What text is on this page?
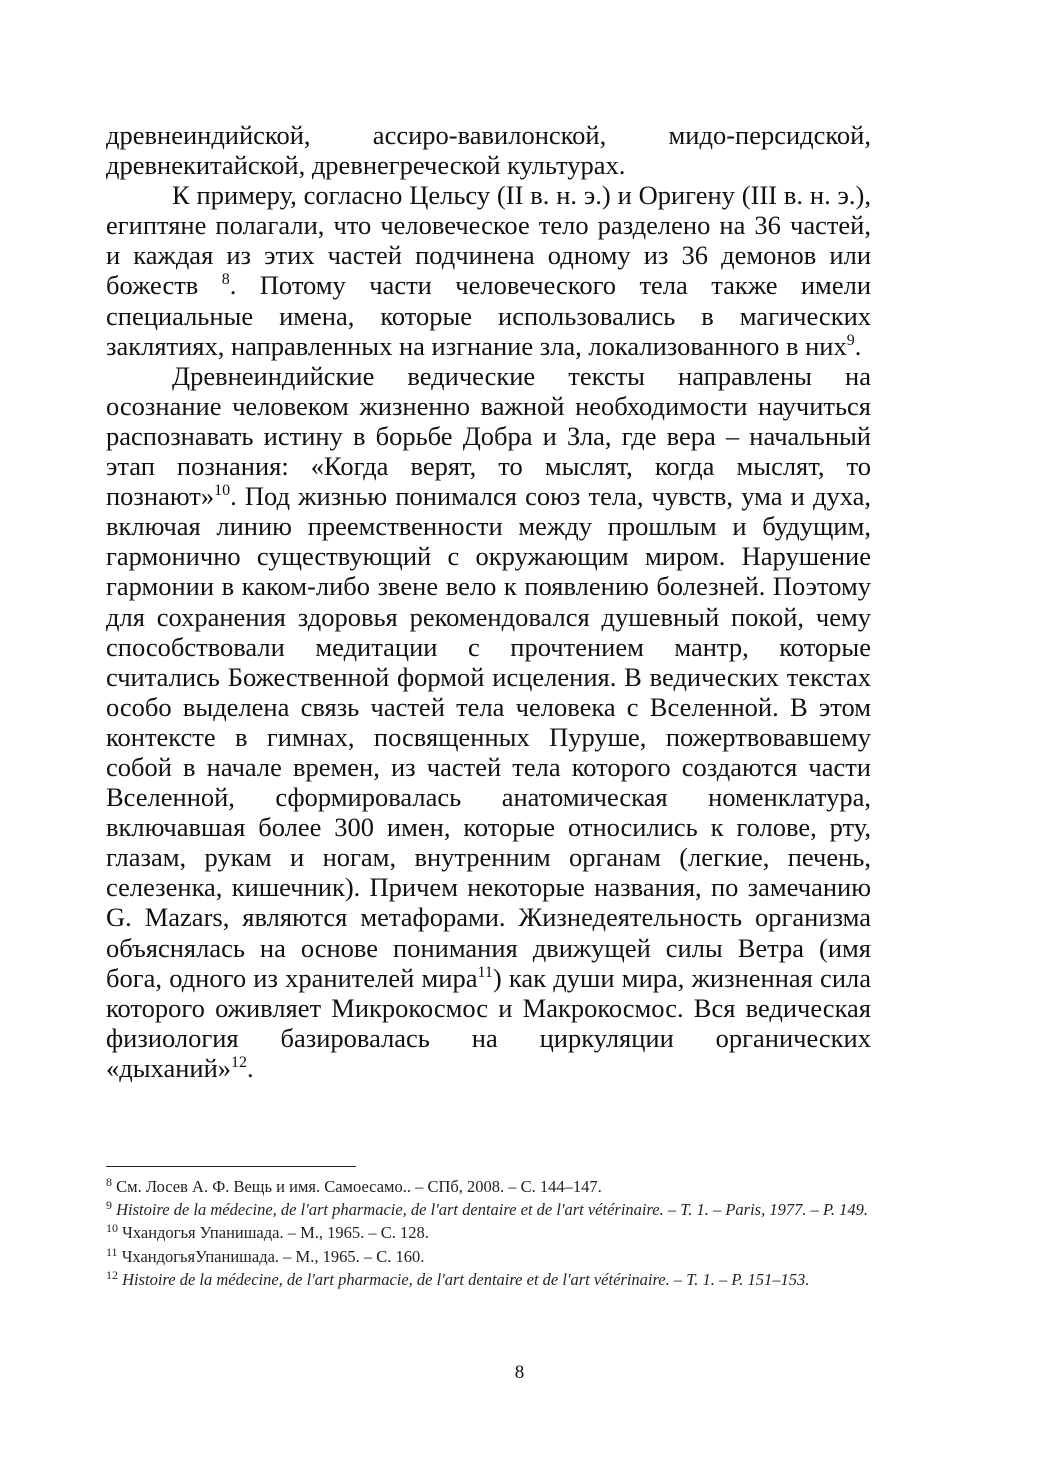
древнеиндийской, ассиро-вавилонской, мидо-персидской, древнекитайской, древнегреческой культурах.

К примеру, согласно Цельсу (II в. н. э.) и Оригену (III в. н. э.), египтяне полагали, что человеческое тело разделено на 36 частей, и каждая из этих частей подчинена одному из 36 демонов или божеств $^8$. Потому части человеческого тела также имели специальные имена, которые использовались в магических заклятиях, направленных на изгнание зла, локализованного в них$^9$.

Древнеиндийские ведические тексты направлены на осознание человеком жизненно важной необходимости научиться распознавать истину в борьбе Добра и Зла, где вера – начальный этап познания: «Когда верят, то мыслят, когда мыслят, то познают»$^{10}$. Под жизнью понимался союз тела, чувств, ума и духа, включая линию преемственности между прошлым и будущим, гармонично существующий с окружающим миром. Нарушение гармонии в каком-либо звене вело к появлению болезней. Поэтому для сохранения здоровья рекомендовался душевный покой, чему способствовали медитации с прочтением мантр, которые считались Божественной формой исцеления. В ведических текстах особо выделена связь частей тела человека с Вселенной. В этом контексте в гимнах, посвященных Пуруше, пожертвовавшему собой в начале времен, из частей тела которого создаются части Вселенной, сформировалась анатомическая номенклатура, включавшая более 300 имен, которые относились к голове, рту, глазам, рукам и ногам, внутренним органам (легкие, печень, селезенка, кишечник). Причем некоторые названия, по замечанию G. Mazars, являются метафорами. Жизнедеятельность организма объяснялась на основе понимания движущей силы Ветра (имя бога, одного из хранителей мира$^{11}$) как души мира, жизненная сила которого оживляет Микрокосмос и Макрокосмос. Вся ведическая физиология базировалась на циркуляции органических «дыханий»$^{12}$.

$^8$ См. Лосев А. Ф. Вещь и имя. Самоесамо.. – СПб, 2008. – С. 144–147.

$^9$ Histoire de la médecine, de l'art pharmacie, de l'art dentaire et de l'art vétérinaire. – T. 1. – Paris, 1977. – P. 149.

$^{10}$ Чхандогья Упанишада. – М., 1965. – С. 128.

$^{11}$ ЧхандогьяУпанишада. – М., 1965. – С. 160.

$^{12}$ Histoire de la médecine, de l'art pharmacie, de l'art dentaire et de l'art vétérinaire. – T. 1. – P. 151–153.

8
